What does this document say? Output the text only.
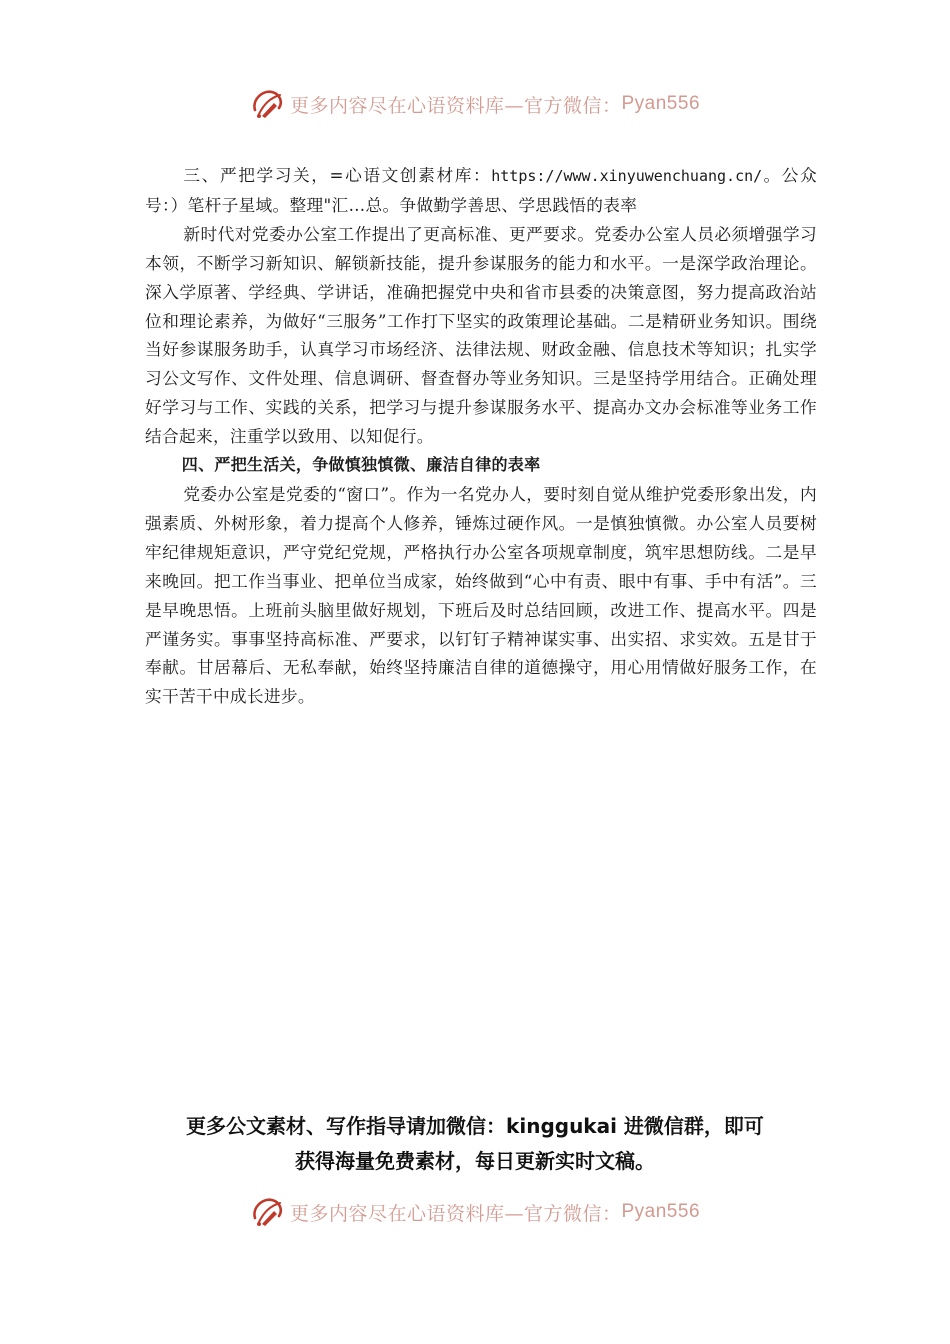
更多内容尽在心语资料库—官方微信： Pyan556

三、严把学习关，=心语文创素材库：https://www.xinyuwenchuang.cn/。公众号：）笔杆子星域。整理"汇…总。争做勤学善思、学思践悟的表率

新时代对党委办公室工作提出了更高标准、更严要求。党委办公室人员必须增强学习本领，不断学习新知识、解锁新技能，提升参谋服务的能力和水平。一是深学政治理论。深入学原著、学经典、学讲话，准确把握党中央和省市县委的决策意图，努力提高政治站位和理论素养，为做好“三服务”工作打下坚实的政策理论基础。二是精研业务知识。围绕当好参谋服务助手，认真学习市场经济、法律法规、财政金融、信息技术等知识；扎实学习公文写作、文件处理、信息调研、督查督办等业务知识。三是坚持学用结合。正确处理好学习与工作、实践的关系，把学习与提升参谋服务水平、提高办文办会标准等业务工作结合起来，注重学以致用、以知促行。

四、严把生活关，争做慎独慎微、廉洁自律的表率

党委办公室是党委的“窗口”。作为一名党办人，要时刻自觉从维护党委形象出发，内强素质、外树形象，着力提高个人修养，锤炼过硬作风。一是慎独慎微。办公室人员要树牢纪律规矩意识，严守党纪党规，严格执行办公室各项规章制度，筑牢思想防线。二是早来晚回。把工作当事业、把单位当成家，始终做到“心中有责、眼中有事、手中有活”。三是早晚思悟。上班前头脑里做好规划，下班后及时总结回顾，改进工作、提高水平。四是严谨务实。事事坚持高标准、严要求，以钉钉子精神谋实事、出实招、求实效。五是甘于奉献。甘居幕后、无私奉献，始终坚持廉洁自律的道德操守，用心用情做好服务工作，在实干苦干中成长进步。

更多公文素材、写作指导请加微信：kinggukai 进微信群，即可
获得海量免费素材，每日更新实时文稿。
更多内容尽在心语资料库—官方微信： Pyan556
